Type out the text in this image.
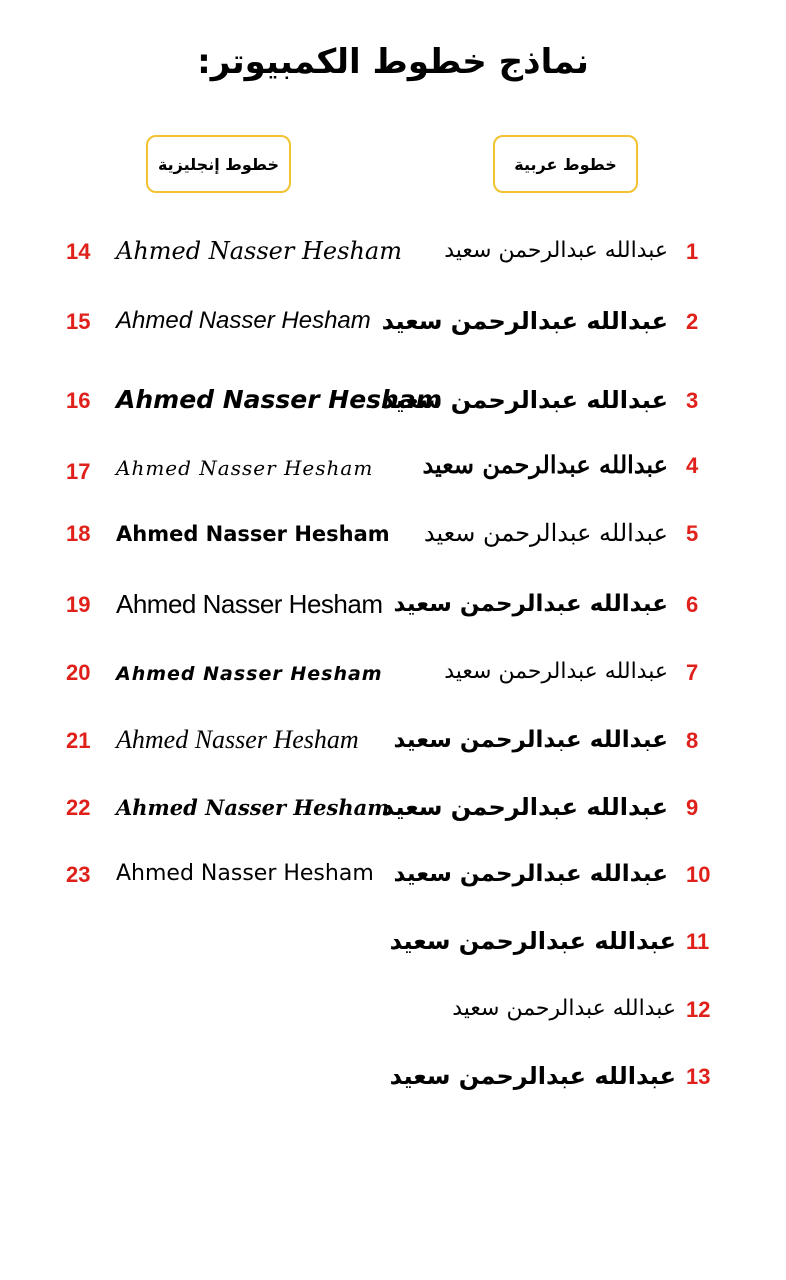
نماذج خطوط الكمبيوتر:
خطوط إنجليزية	خطوط عربية
1
عبدالله عبدالرحمن سعيد
2
عبدالله عبدالرحمن سعيد
3
عبدالله عبدالرحمن سعيد
4
عبدالله عبدالرحمن سعيد
5
عبدالله عبدالرحمن سعيد
6
عبدالله عبدالرحمن سعيد
7
عبدالله عبدالرحمن سعيد
8
عبدالله عبدالرحمن سعيد
9
عبدالله عبدالرحمن سعيد
10
عبدالله عبدالرحمن سعيد
11
عبدالله عبدالرحمن سعيد
12
عبدالله عبدالرحمن سعيد
13
عبدالله عبدالرحمن سعيد
14	Ahmed Nasser Hesham
15	Ahmed Nasser Hesham
16	Ahmed Nasser Hesham
17	Ahmed Nasser Hesham
18	Ahmed Nasser Hesham
19 Ahmed Nasser Hesham
20	Ahmed Nasser Hesham
21 Ahmed Nasser Hesham
22	Ahmed Nasser Hesham
23	Ahmed Nasser Hesham
